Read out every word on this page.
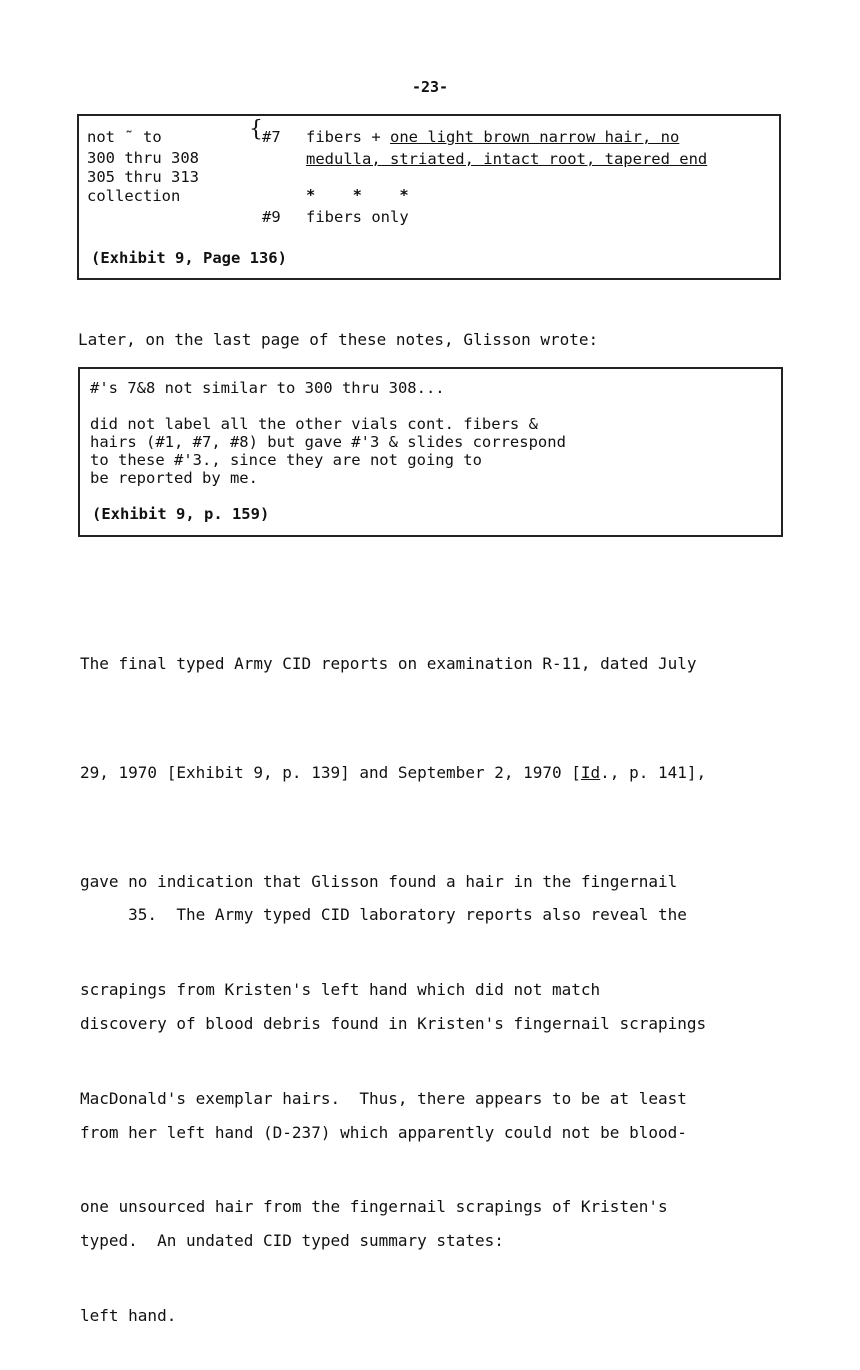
-23-
not ˜ to
300 thru 308
305 thru 313
collection
{ #7 fibers + one light brown narrow hair, no
medulla, striated, intact root, tapered end
*    *    *
#9 fibers only
(Exhibit 9, Page 136)
Later, on the last page of these notes, Glisson wrote:
#'s 7&8 not similar to 300 thru 308...
did not label all the other vials cont. fibers &
hairs (#1, #7, #8) but gave #'3 & slides correspond
to these #'3., since they are not going to
be reported by me.
(Exhibit 9, p. 159)

The final typed Army CID reports on examination R-11, dated July

29, 1970 [Exhibit 9, p. 139] and September 2, 1970 [Id., p. 141],

gave no indication that Glisson found a hair in the fingernail

scrapings from Kristen's left hand which did not match

MacDonald's exemplar hairs.  Thus, there appears to be at least

one unsourced hair from the fingernail scrapings of Kristen's

left hand.

35.  The Army typed CID laboratory reports also reveal the

discovery of blood debris found in Kristen's fingernail scrapings

from her left hand (D-237) which apparently could not be blood-

typed.  An undated CID typed summary states:
